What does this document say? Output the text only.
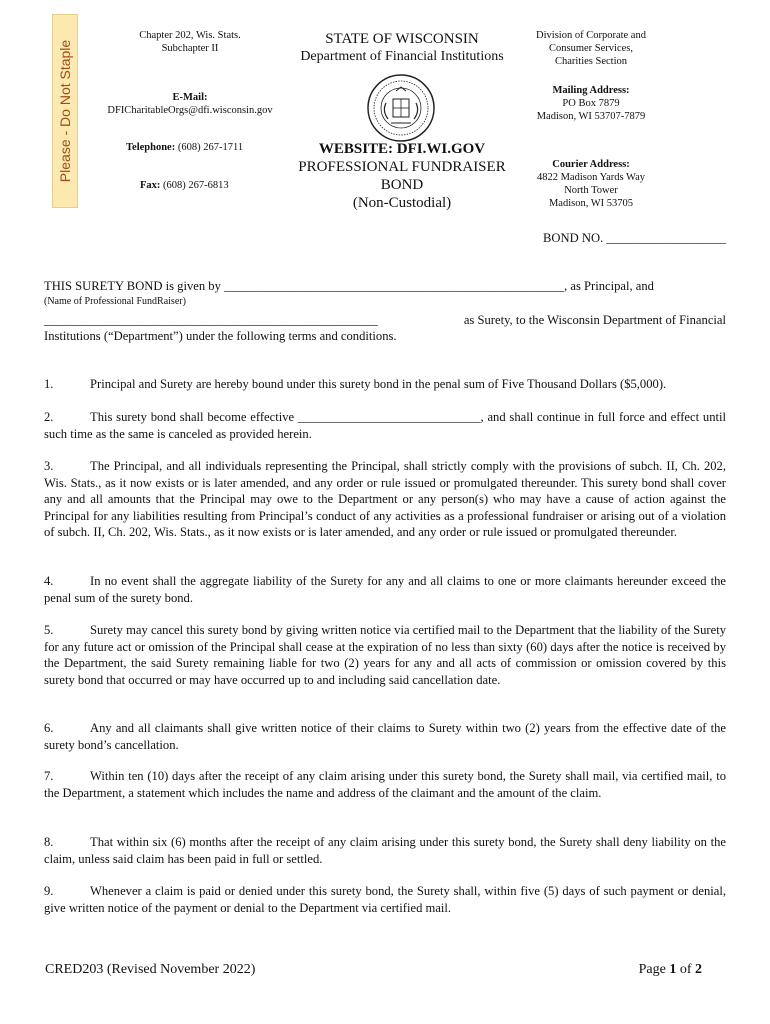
Please - Do Not Staple
Chapter 202, Wis. Stats.
Subchapter II
E-Mail:
DFICharitableOrgs@dfi.wisconsin.gov
Telephone: (608) 267-1711
Fax: (608) 267-6813
STATE OF WISCONSIN
Department of Financial Institutions
WEBSITE: DFI.WI.GOV
PROFESSIONAL FUNDRAISER
BOND
(Non-Custodial)
Division of Corporate and
Consumer Services,
Charities Section
Mailing Address:
PO Box 7879
Madison, WI 53707-7879
Courier Address:
4822 Madison Yards Way
North Tower
Madison, WI 53705
BOND NO. ___________________
THIS SURETY BOND is given by ______________________________________________________, as Principal, and
(Name of Professional FundRaiser)
_____________________________________________________	as Surety, to the Wisconsin Department of Financial
Institutions (“Department”) under the following terms and conditions.
1.	Principal and Surety are hereby bound under this surety bond in the penal sum of Five Thousand Dollars ($5,000).
2.	This surety bond shall become effective _____________________________, and shall continue in full force and effect until such time as the same is canceled as provided herein.
3.	The Principal, and all individuals representing the Principal, shall strictly comply with the provisions of subch. II, Ch. 202, Wis. Stats., as it now exists or is later amended, and any order or rule issued or promulgated thereunder. This surety bond shall cover any and all amounts that the Principal may owe to the Department or any person(s) who may have a cause of action against the Principal for any liabilities resulting from Principal’s conduct of any activities as a professional fundraiser or arising out of a violation of subch. II, Ch. 202, Wis. Stats., as it now exists or is later amended, and any order or rule issued or promulgated thereunder.
4.	In no event shall the aggregate liability of the Surety for any and all claims to one or more claimants hereunder exceed the penal sum of the surety bond.
5.	Surety may cancel this surety bond by giving written notice via certified mail to the Department that the liability of the Surety for any future act or omission of the Principal shall cease at the expiration of no less than sixty (60) days after the notice is received by the Department, the said Surety remaining liable for two (2) years for any and all acts of commission or omission covered by this surety bond that occurred or may have occurred up to and including said cancellation date.
6.	Any and all claimants shall give written notice of their claims to Surety within two (2) years from the effective date of the surety bond’s cancellation.
7.	Within ten (10) days after the receipt of any claim arising under this surety bond, the Surety shall mail, via certified mail, to the Department, a statement which includes the name and address of the claimant and the amount of the claim.
8.	That within six (6) months after the receipt of any claim arising under this surety bond, the Surety shall deny liability on the claim, unless said claim has been paid in full or settled.
9.	Whenever a claim is paid or denied under this surety bond, the Surety shall, within five (5) days of such payment or denial, give written notice of the payment or denial to the Department via certified mail.
CRED203 (Revised November 2022)	Page 1 of 2
